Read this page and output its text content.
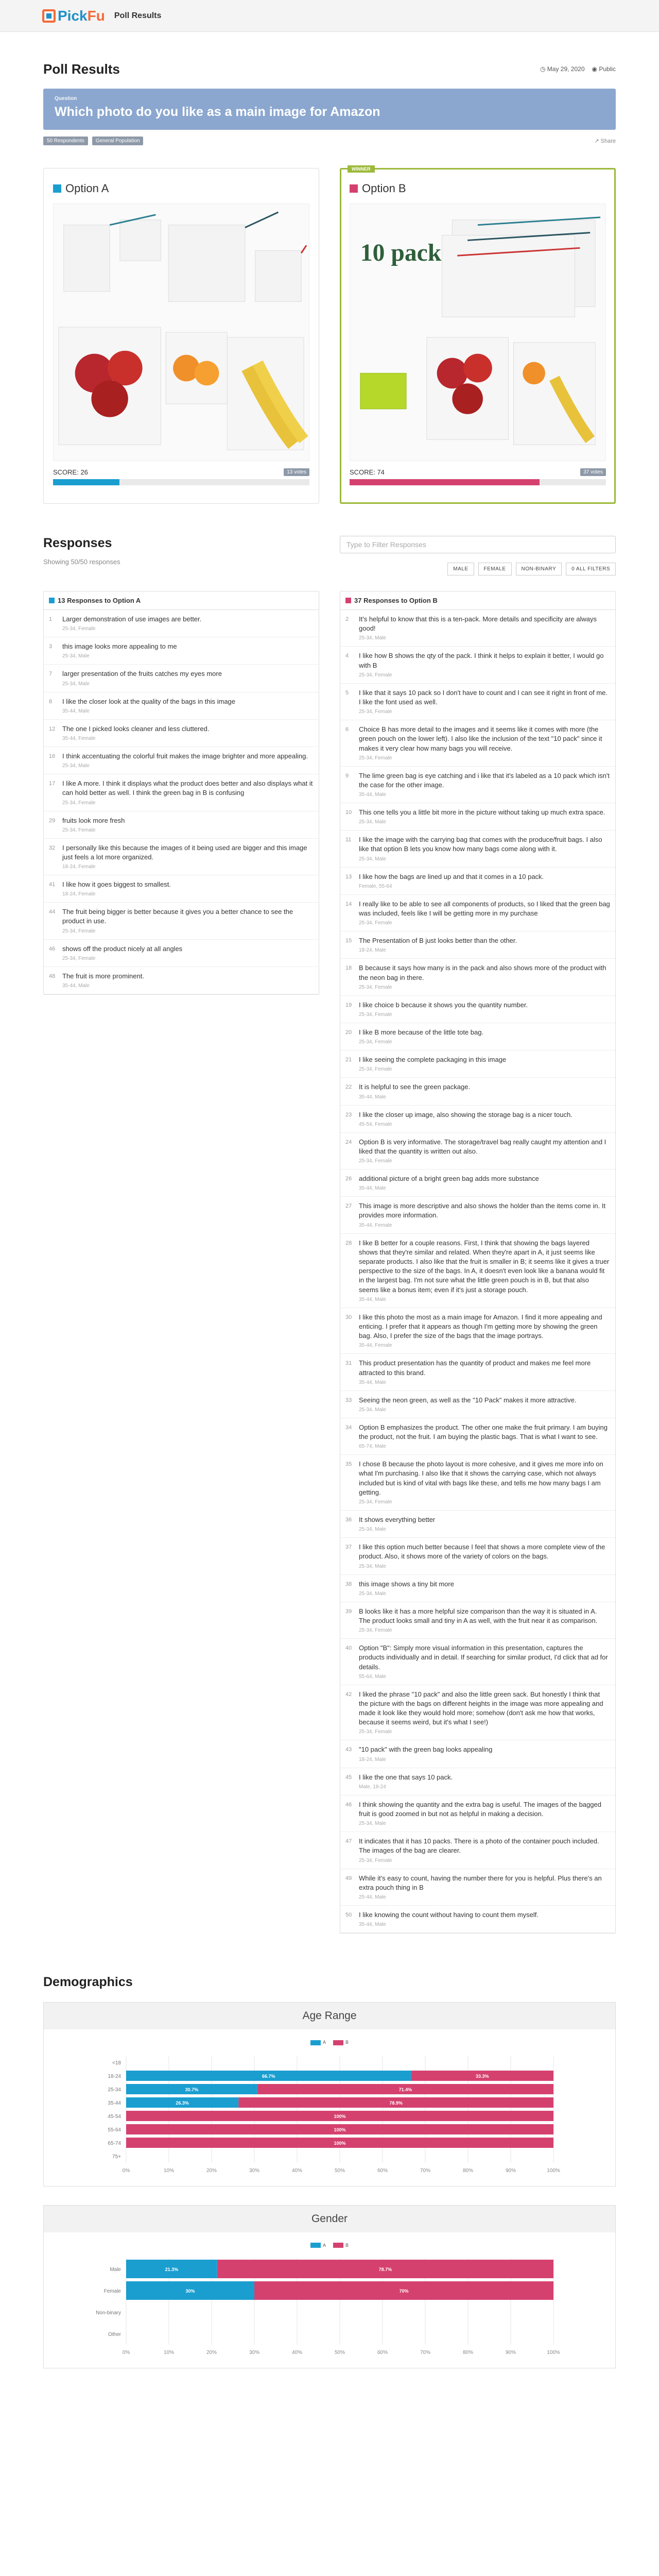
Pick Fu Poll Results
Poll Results	◷ May 29, 2020 ◉ Public
Question
Which photo do you like as a main image for Amazon
50 Respondents	General Population	↗ Share
Option A
SCORE: 26	13 votes
WINNER
Option B
10 pack
SCORE: 74	37 votes
Responses
Showing 50/50 responses
Type to Filter Responses
MALE	FEMALE	NON-BINARY	0 ALL FILTERS
13 Responses to Option A
1	Larger demonstration of use images are better.
25-34, Female
3	this image looks more appealing to me
25-34, Male
7	larger presentation of the fruits catches my eyes more
25-34, Male
8	I like the closer look at the quality of the bags in this image
35-44, Male
12	The one I picked looks cleaner and less cluttered.
35-44, Female
16	I think accentuating the colorful fruit makes the image brighter and more appealing.
25-34, Male
17	I like A more. I think it displays what the product does better and also displays what it can hold better as well. I think the green bag in B is confusing
25-34, Female
29	fruits look more fresh
25-34, Female
32	I personally like this because the images of it being used are bigger and this image just feels a lot more organized.
18-24, Female
41	I like how it goes biggest to smallest.
18-24, Female
44	The fruit being bigger is better because it gives you a better chance to see the product in use.
25-34, Female
46	shows off the product nicely at all angles
25-34, Female
48	The fruit is more prominent.
35-44, Male
37 Responses to Option B
2	It's helpful to know that this is a ten-pack. More details and specificity are always good!
25-34, Male
4	I like how B shows the qty of the pack. I think it helps to explain it better, I would go with B
25-34, Female
5	I like that it says 10 pack so I don't have to count and I can see it right in front of me. I like the font used as well.
25-34, Female
6	Choice B has more detail to the images and it seems like it comes with more (the green pouch on the lower left). I also like the inclusion of the text "10 pack" since it makes it very clear how many bags you will receive.
25-34, Female
9	The lime green bag is eye catching and i like that it's labeled as a 10 pack which isn't the case for the other image.
35-44, Male
10	This one tells you a little bit more in the picture without taking up much extra space.
25-34, Male
11	I like the image with the carrying bag that comes with the produce/fruit bags. I also like that option B lets you know how many bags come along with it.
25-34, Male
13	I like how the bags are lined up and that it comes in a 10 pack.
Female, 55-64
14	I really like to be able to see all components of products, so I liked that the green bag was included, feels like I will be getting more in my purchase
25-34, Female
15	The Presentation of B just looks better than the other.
18-24, Male
18	B because it says how many is in the pack and also shows more of the product with the neon bag in there.
25-34, Female
19	I like choice b because it shows you the quantity number.
25-34, Female
20	I like B more because of the little tote bag.
25-34, Female
21	I like seeing the complete packaging in this image
25-34, Female
22	It is helpful to see the green package.
35-44, Male
23	I like the closer up image, also showing the storage bag is a nicer touch.
45-54, Female
24	Option B is very informative. The storage/travel bag really caught my attention and I liked that the quantity is written out also.
25-34, Female
26	additional picture of a bright green bag adds more substance
35-44, Male
27	This image is more descriptive and also shows the holder than the items come in. It provides more information.
35-44, Female
28	I like B better for a couple reasons. First, I think that showing the bags layered shows that they're similar and related. When they're apart in A, it just seems like separate products. I also like that the fruit is smaller in B; it seems like it gives a truer perspective to the size of the bags. In A, it doesn't even look like a banana would fit in the largest bag. I'm not sure what the little green pouch is in B, but that also seems like a bonus item; even if it's just a storage pouch.
35-44, Male
30	I like this photo the most as a main image for Amazon. I find it more appealing and enticing. I prefer that it appears as though I'm getting more by showing the green bag. Also, I prefer the size of the bags that the image portrays.
35-44, Female
31	This product presentation has the quantity of product and makes me feel more attracted to this brand.
35-44, Male
33	Seeing the neon green, as well as the "10 Pack" makes it more attractive.
25-34, Male
34	Option B emphasizes the product. The other one make the fruit primary. I am buying the product, not the fruit. I am buying the plastic bags. That is what I want to see.
65-74, Male
35	I chose B because the photo layout is more cohesive, and it gives me more info on what I'm purchasing. I also like that it shows the carrying case, which not always included but is kind of vital with bags like these, and tells me how many bags I am getting.
25-34, Female
36	It shows everything better
25-34, Male
37	I like this option much better because I feel that shows a more complete view of the product. Also, it shows more of the variety of colors on the bags.
25-34, Male
38	this image shows a tiny bit more
25-34, Male
39	B looks like it has a more helpful size comparison than the way it is situated in A. The product looks small and tiny in A as well, with the fruit near it as comparison.
25-34, Female
40	Option "B": Simply more visual information in this presentation, captures the products individually and in detail. If searching for similar product, I'd click that ad for details.
55-64, Male
42	I liked the phrase "10 pack" and also the little green sack. But honestly I think that the picture with the bags on different heights in the image was more appealing and made it look like they would hold more; somehow (don't ask me how that works, because it seems weird, but it's what I see!)
25-34, Female
43	"10 pack" with the green bag looks appealing
18-24, Male
45	I like the one that says 10 pack.
Male, 18-24
46	I think showing the quantity and the extra bag is useful. The images of the bagged fruit is good zoomed in but not as helpful in making a decision.
25-34, Male
47	It indicates that it has 10 packs. There is a photo of the container pouch included. The images of the bag are clearer.
25-34, Female
49	While it's easy to count, having the number there for you is helpful. Plus there's an extra pouch thing in B
25-44, Male
50	I like knowing the count without having to count them myself.
35-44, Male
Demographics
Age Range
A	B
0%	10%	20%	30%	40%	50%	60%	70%	80%	90%	100%
<18
18-24	66.7%	33.3%
25-34	30.7%	71.4%
35-44	26.3%	78.9%
45-54	100%
55-64	100%
65-74	100%
75+
Gender
A	B
0%	10%	20%	30%	40%	50%	60%	70%	80%	90%	100%
Male	21.3%	78.7%
Female	30%	70%
Non-binary
Other
